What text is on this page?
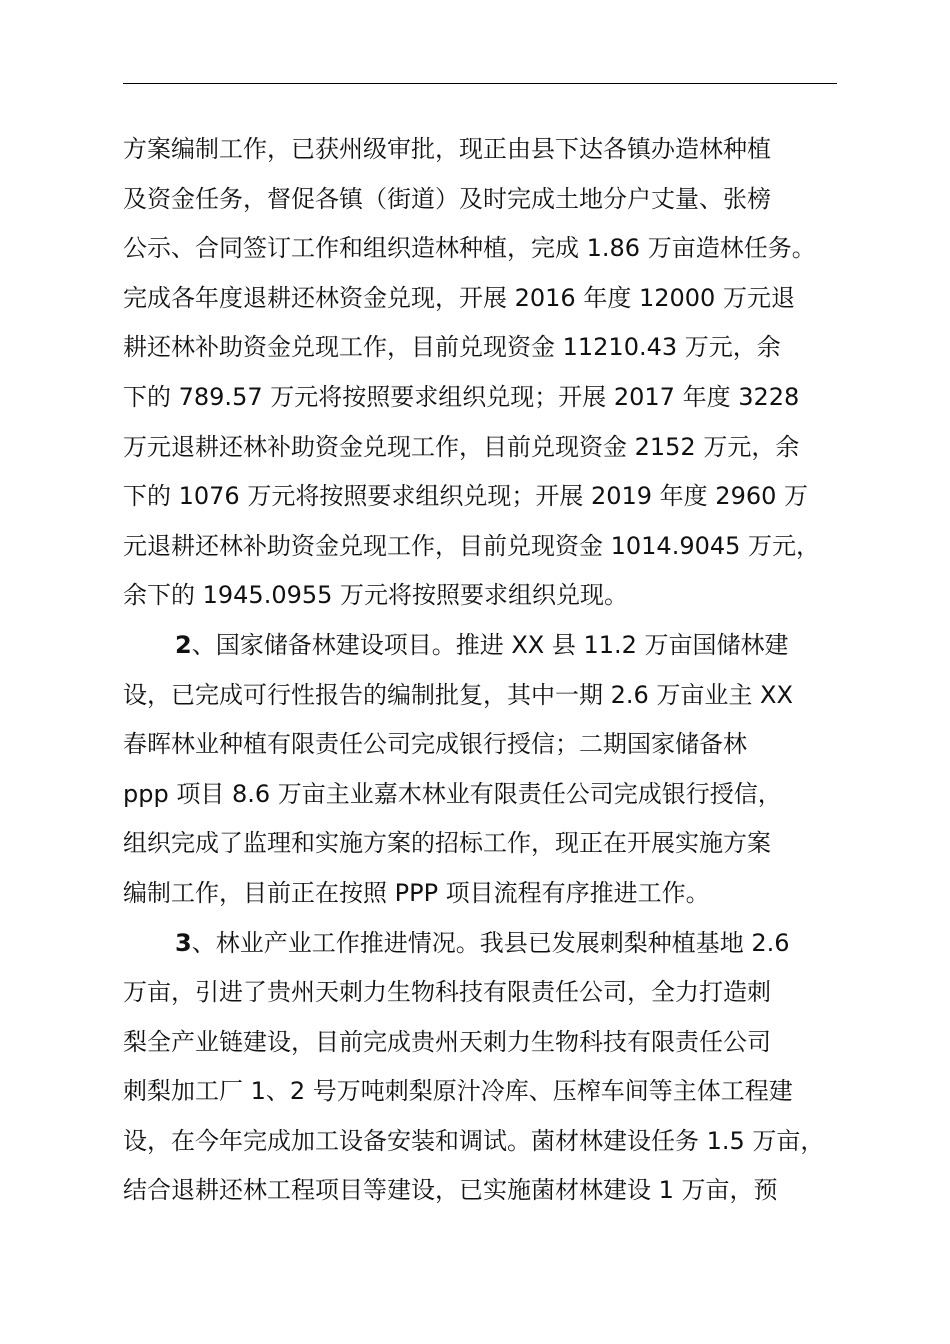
方案编制工作，已获州级审批，现正由县下达各镇办造林种植
及资金任务，督促各镇（街道）及时完成土地分户丈量、张榜
公示、合同签订工作和组织造林种植，完成 1.86 万亩造林任务。
完成各年度退耕还林资金兑现，开展 2016 年度 12000 万元退
耕还林补助资金兑现工作，目前兑现资金 11210.43 万元，余
下的 789.57 万元将按照要求组织兑现；开展 2017 年度 3228
万元退耕还林补助资金兑现工作，目前兑现资金 2152 万元，余
下的 1076 万元将按照要求组织兑现；开展 2019 年度 2960 万
元退耕还林补助资金兑现工作，目前兑现资金 1014.9045 万元，
余下的 1945.0955 万元将按照要求组织兑现。
2、国家储备林建设项目。推进 XX 县 11.2 万亩国储林建
设，已完成可行性报告的编制批复，其中一期 2.6 万亩业主 XX
春晖林业种植有限责任公司完成银行授信；二期国家储备林
ppp 项目 8.6 万亩主业嘉木林业有限责任公司完成银行授信，
组织完成了监理和实施方案的招标工作，现正在开展实施方案
编制工作，目前正在按照 PPP 项目流程有序推进工作。
3、林业产业工作推进情况。我县已发展刺梨种植基地 2.6
万亩，引进了贵州天刺力生物科技有限责任公司，全力打造刺
梨全产业链建设，目前完成贵州天刺力生物科技有限责任公司
刺梨加工厂 1、2 号万吨刺梨原汁冷库、压榨车间等主体工程建
设，在今年完成加工设备安装和调试。菌材林建设任务 1.5 万亩，
结合退耕还林工程项目等建设，已实施菌材林建设 1 万亩，预
